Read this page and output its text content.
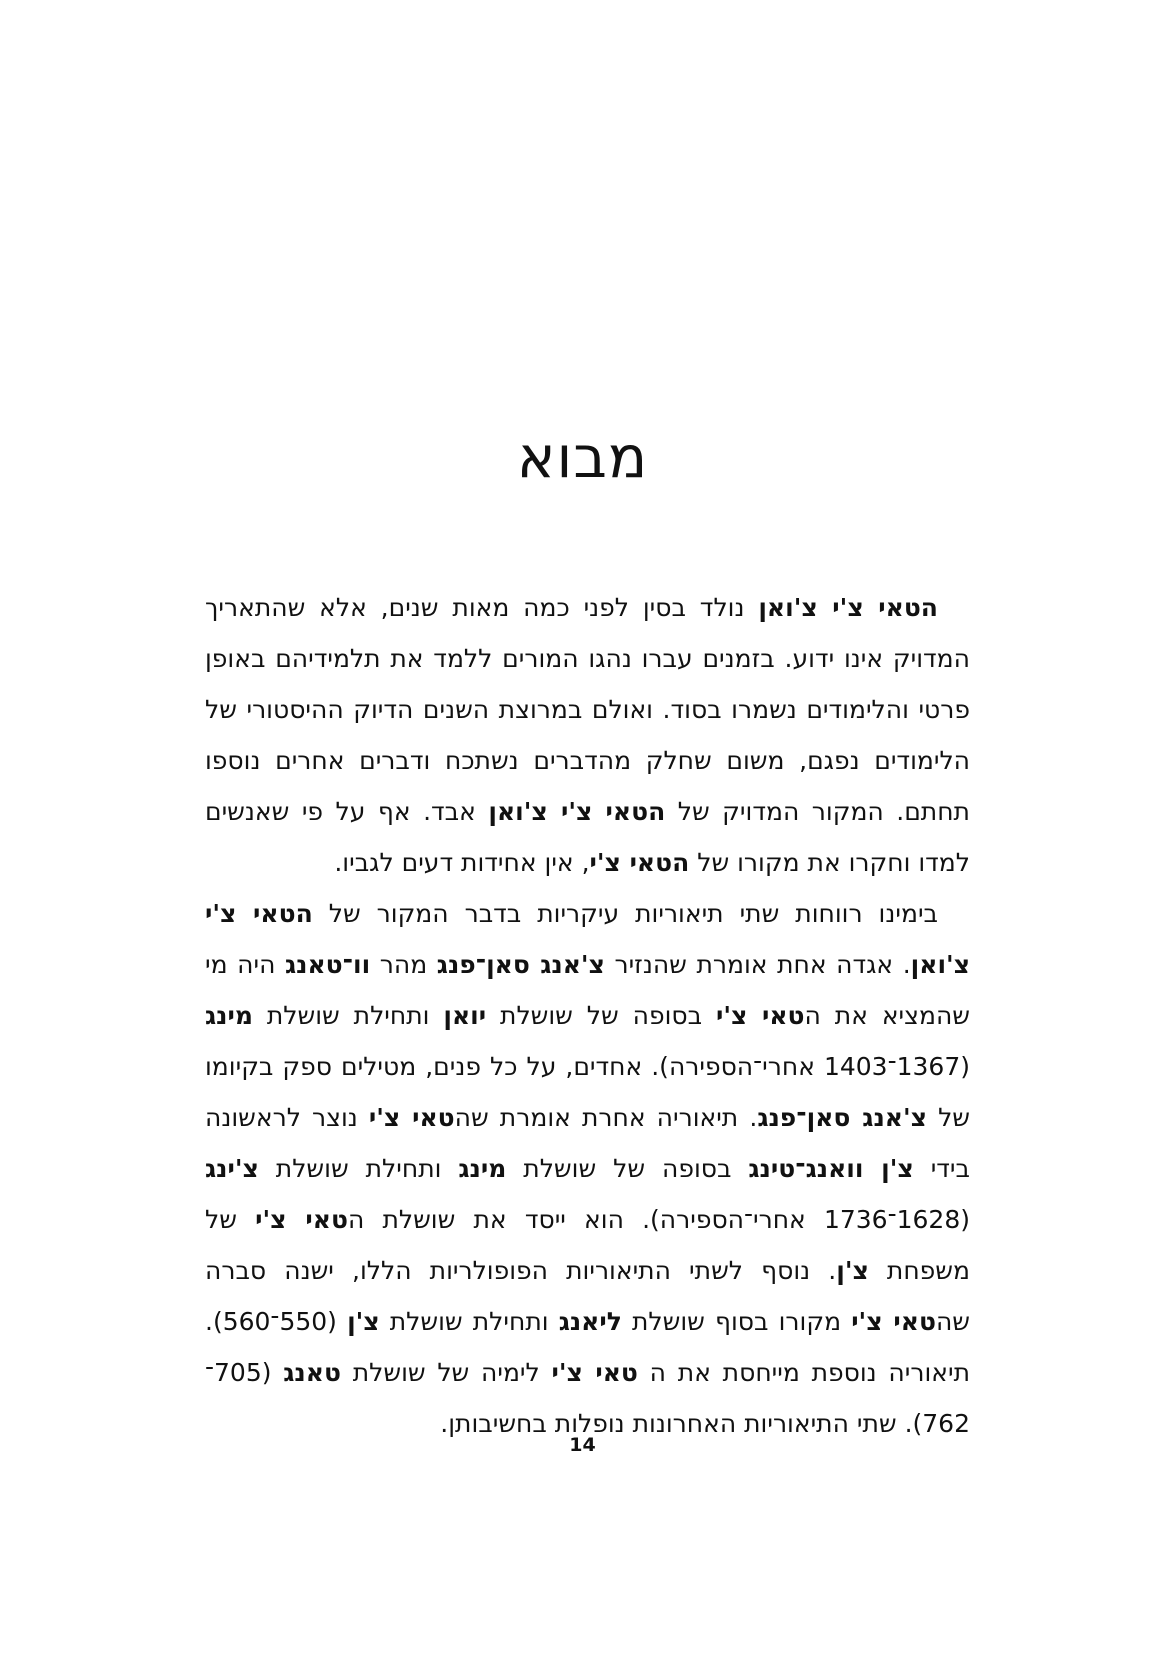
מבוא

הטאי צ'י צ'ואן נולד בסין לפני כמה מאות שנים, אלא שהתאריך המדויק אינו ידוע. בזמנים עברו נהגו המורים ללמד את תלמידיהם באופן פרטי והלימודים נשמרו בסוד. ואולם במרוצת השנים הדיוק ההיסטורי של הלימודים נפגם, משום שחלק מהדברים נשתכח ודברים אחרים נוספו תחתם. המקור המדויק של הטאי צ'י צ'ואן אבד. אף על פי שאנשים למדו וחקרו את מקורו של הטאי צ'י, אין אחידות דעים לגביו.

בימינו רווחות שתי תיאוריות עיקריות בדבר המקור של הטאי צ'י צ'ואן. אגדה אחת אומרת שהנזיר צ'אנג סאן־פנג מהר וו־טאנג היה מי שהמציא את הטאי צ'י בסופה של שושלת יואן ותחילת שושלת מינג (1367־1403 אחרי־הספירה). אחדים, על כל פנים, מטילים ספק בקיומו של צ'אנג סאן־פנג. תיאוריה אחרת אומרת שהטאי צ'י נוצר לראשונה בידי צ'ן וואנג־טינג בסופה של שושלת מינג ותחילת שושלת צ'ינג (1628־1736 אחרי־הספירה). הוא ייסד את שושלת הטאי צ'י של משפחת צ'ן. נוסף לשתי התיאוריות הפופולריות הללו, ישנה סברה שהטאי צ'י מקורו בסוף שושלת ליאנג ותחילת שושלת צ'ן (550־560). תיאוריה נוספת מייחסת את ה טאי צ'י לימיה של שושלת טאנג (705־762). שתי התיאוריות האחרונות נופלות בחשיבותן.

14
